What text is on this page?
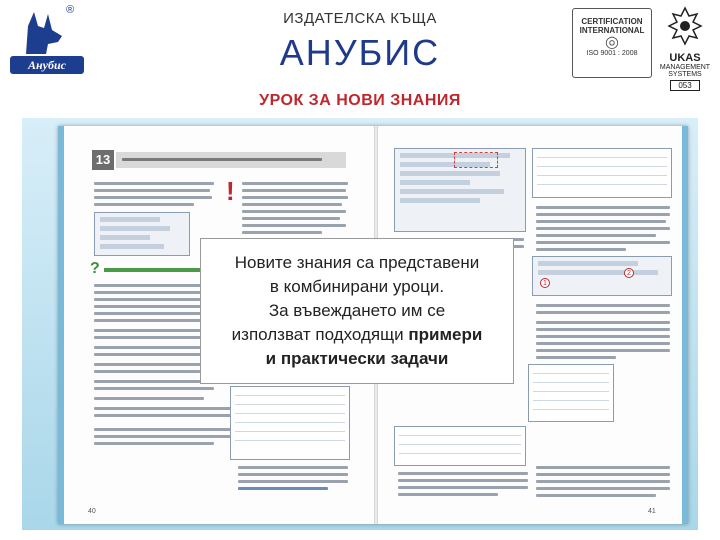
Анубис
®	ИЗДАТЕЛСКА КЪЩА
АНУБИС
CERTIFICATION INTERNATIONAL
◎
ISO 9001 : 2008	UKAS
MANAGEMENT SYSTEMS
053
УРОК ЗА НОВИ ЗНАНИЯ
13
!
?
40
1
2
41
Новите знания са представени
в комбинирани уроци.
За въвеждането им се
използват подходящи примери
и практически задачи
